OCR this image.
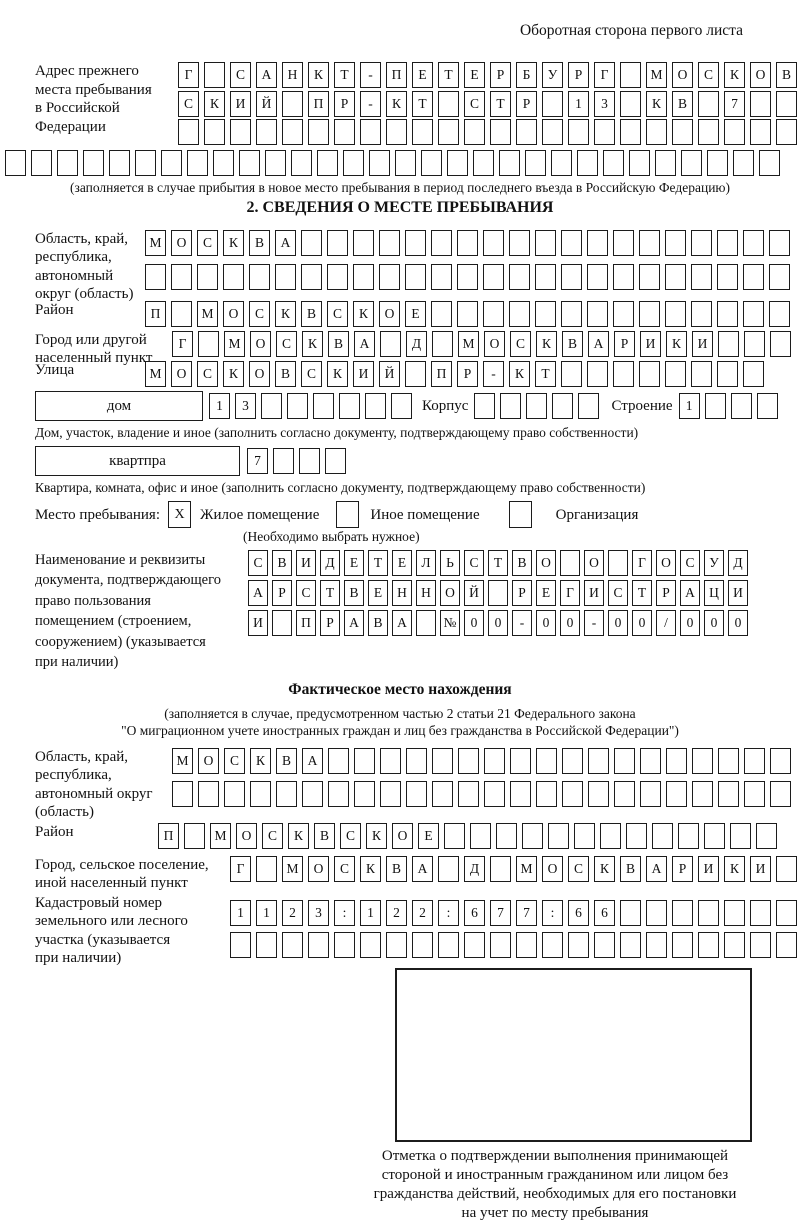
Оборотная сторона первого листа
Адрес прежнего
места пребывания
в Российской
Федерации
Г	С	А	Н	К	Т	-	П	Е	Т	Е	Р	Б	У	Р	Г	М	О	С	К	О	В
С	К	И	Й	П	Р	-	К	Т	С	Т	Р	1	3	К	В	7
(заполняется в случае прибытия в новое место пребывания в период последнего въезда в Российскую Федерацию)
2. СВЕДЕНИЯ О МЕСТЕ ПРЕБЫВАНИЯ
Область, край,
республика,
автономный
округ (область)
М	О	С	К	В	А
Район	П	М	О	С	К	В	С	К	О	Е
Город или другой
населенный пункт
Г	М	О	С	К	В	А	Д	М	О	С	К	В	А	Р	И	К	И
Улица	М	О	С	К	О	В	С	К	И	Й	П	Р	-	К	Т
дом	1	3	Корпус	Строение 1
Дом, участок, владение и иное (заполнить согласно документу, подтверждающему право собственности)
квартпра	7
Квартира, комната, офис и иное (заполнить согласно документу, подтверждающему право собственности)
Место пребывания:	X	Жилое помещение	Иное помещение	Организация
(Необходимо выбрать нужное)
Наименование и реквизиты
документа, подтверждающего
право пользования
помещением (строением,
сооружением) (указывается
при наличии)
С	В	И	Д	Е	Т	Е	Л	Ь	С	Т	В	О	О	Г	О	С	У	Д
А	Р	С	Т	В	Е	Н	Н	О	Й	Р	Е	Г	И	С	Т	Р	А	Ц	И
И	П	Р	А	В	А	№	0	0	-	0	0	-	0	0	/	0	0	0
Фактическое место нахождения
(заполняется в случае, предусмотренном частью 2 статьи 21 Федерального закона
"О миграционном учете иностранных граждан и лиц без гражданства в Российской Федерации")
Область, край,
республика,
автономный округ
(область)
М	О	С	К	В	А
Район	П	М	О	С	К	В	С	К	О	Е
Город, сельское поселение,
иной населенный пункт
Г	М	О	С	К	В	А	Д	М	О	С	К	В	А	Р	И	К	И
Кадастровый номер
земельного или лесного
участка (указывается
при наличии)
1	1	2	3	:	1	2	2	:	6	7	7	:	6	6
Отметка о подтверждении выполнения принимающей
стороной и иностранным гражданином или лицом без
гражданства действий, необходимых для его постановки
на учет по месту пребывания
